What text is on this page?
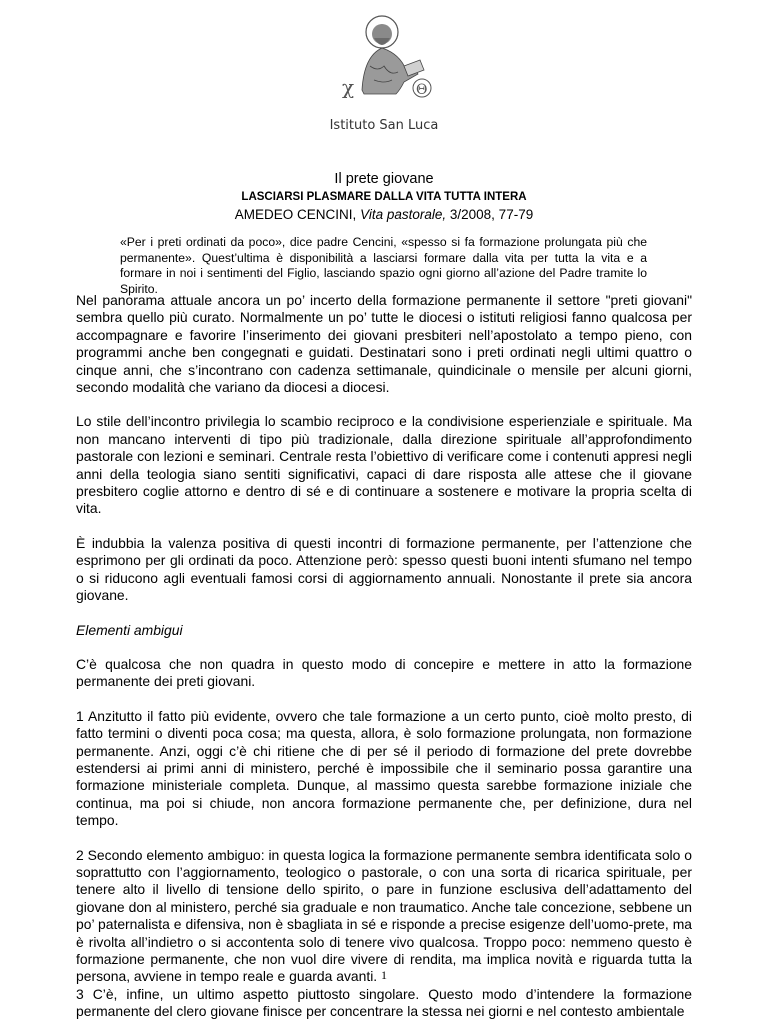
χ	Θ
Istituto San Luca
Il prete giovane
LASCIARSI PLASMARE DALLA VITA TUTTA INTERA
AMEDEO CENCINI, Vita pastorale, 3/2008, 77-79
«Per i preti ordinati da poco», dice padre Cencini, «spesso si fa formazione prolungata più che permanente». Quest’ultima è disponibilità a lasciarsi formare dalla vita per tutta la vita e a formare in noi i sentimenti del Figlio, lasciando spazio ogni giorno all’azione del Padre tramite lo Spirito.

Nel panorama attuale ancora un po’ incerto della formazione permanente il settore "preti giovani" sembra quello più curato. Normalmente un po’ tutte le diocesi o istituti religiosi fanno qualcosa per accompagnare e favorire l’inserimento dei giovani presbiteri nell’apostolato a tempo pieno, con programmi anche ben congegnati e guidati. Destinatari sono i preti ordinati negli ultimi quattro o cinque anni, che s’incontrano con cadenza settimanale, quindicinale o mensile per alcuni giorni, secondo modalità che variano da diocesi a diocesi.

Lo stile dell’incontro privilegia lo scambio reciproco e la condivisione esperienziale e spirituale. Ma non mancano interventi di tipo più tradizionale, dalla direzione spirituale all’approfondimento pastorale con lezioni e seminari. Centrale resta l’obiettivo di verificare come i contenuti appresi negli anni della teologia siano sentiti significativi, capaci di dare risposta alle attese che il giovane presbitero coglie attorno e dentro di sé e di continuare a sostenere e motivare la propria scelta di vita.

È indubbia la valenza positiva di questi incontri di formazione permanente, per l’attenzione che esprimono per gli ordinati da poco. Attenzione però: spesso questi buoni intenti sfumano nel tempo o si riducono agli eventuali famosi corsi di aggiornamento annuali. Nonostante il prete sia ancora giovane.

Elementi ambigui

C’è qualcosa che non quadra in questo modo di concepire e mettere in atto la formazione permanente dei preti giovani.

1 Anzitutto il fatto più evidente, ovvero che tale formazione a un certo punto, cioè molto presto, di fatto termini o diventi poca cosa; ma questa, allora, è solo formazione prolungata, non formazione permanente. Anzi, oggi c’è chi ritiene che di per sé il periodo di formazione del prete dovrebbe estendersi ai primi anni di ministero, perché è impossibile che il seminario possa garantire una formazione ministeriale completa. Dunque, al massimo questa sarebbe formazione iniziale che continua, ma poi si chiude, non ancora formazione permanente che, per definizione, dura nel tempo.

2 Secondo elemento ambiguo: in questa logica la formazione permanente sembra identificata solo o soprattutto con l’aggiornamento, teologico o pastorale, o con una sorta di ricarica spirituale, per tenere alto il livello di tensione dello spirito, o pare in funzione esclusiva dell’adattamento del giovane don al ministero, perché sia graduale e non traumatico. Anche tale concezione, sebbene un po’ paternalista e difensiva, non è sbagliata in sé e risponde a precise esigenze dell’uomo-prete, ma è rivolta all’indietro o si accontenta solo di tenere vivo qualcosa. Troppo poco: nemmeno questo è formazione permanente, che non vuol dire vivere di rendita, ma implica novità e riguarda tutta la persona, avviene in tempo reale e guarda avanti.

3 C’è, infine, un ultimo aspetto piuttosto singolare. Questo modo d’intendere la formazione permanente del clero giovane finisce per concentrare la stessa nei giorni e nel contesto ambientale

1
